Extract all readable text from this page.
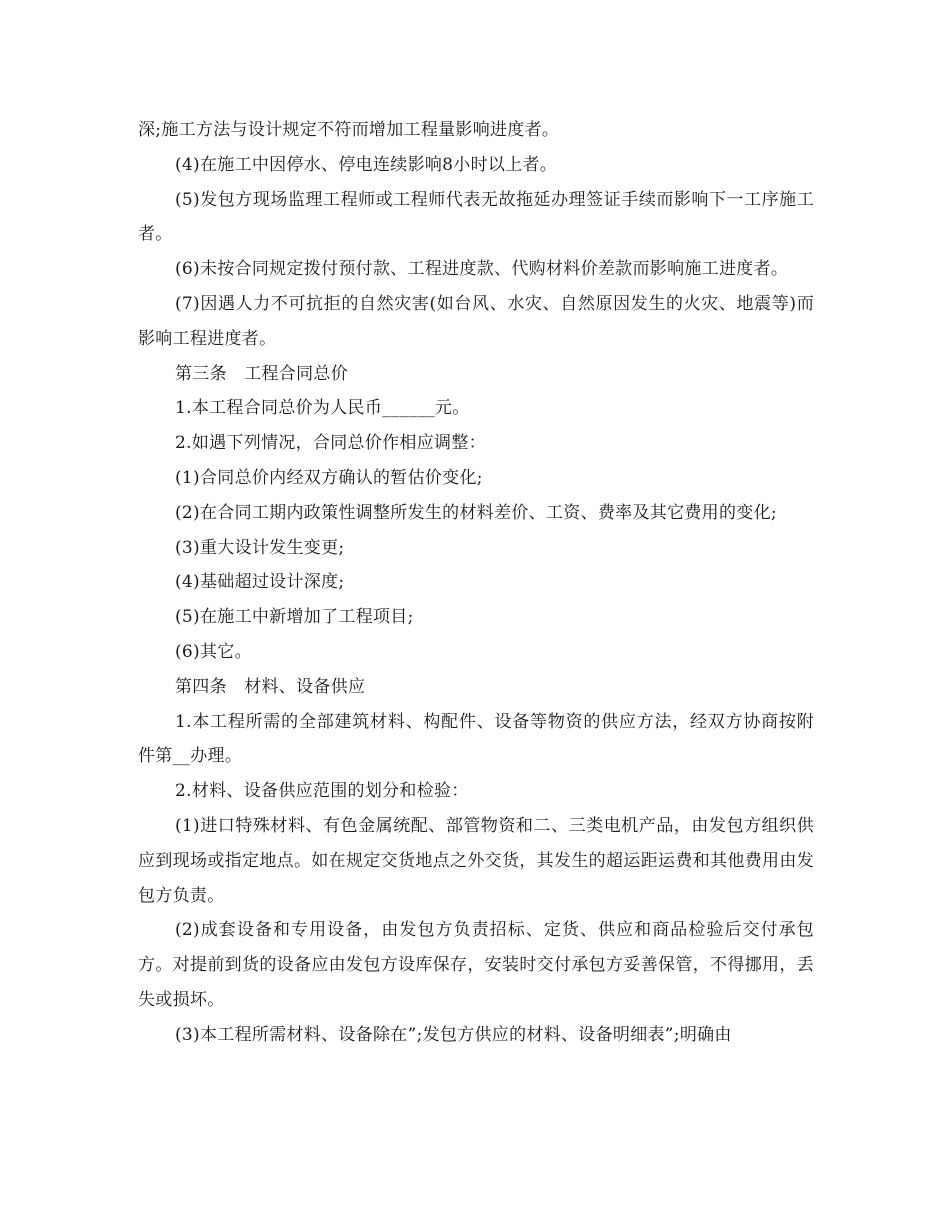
深;施工方法与设计规定不符而增加工程量影响进度者。

(4)在施工中因停水、停电连续影响8小时以上者。

(5)发包方现场监理工程师或工程师代表无故拖延办理签证手续而影响下一工序施工者。

(6)未按合同规定拨付预付款、工程进度款、代购材料价差款而影响施工进度者。

(7)因遇人力不可抗拒的自然灾害(如台风、水灾、自然原因发生的火灾、地震等)而影响工程进度者。

第三条　工程合同总价

1.本工程合同总价为人民币______元。

2.如遇下列情况，合同总价作相应调整：

(1)合同总价内经双方确认的暂估价变化;

(2)在合同工期内政策性调整所发生的材料差价、工资、费率及其它费用的变化;

(3)重大设计发生变更;

(4)基础超过设计深度;

(5)在施工中新增加了工程项目;

(6)其它。

第四条　材料、设备供应

1.本工程所需的全部建筑材料、构配件、设备等物资的供应方法，经双方协商按附件第__办理。

2.材料、设备供应范围的划分和检验：

(1)进口特殊材料、有色金属统配、部管物资和二、三类电机产品，由发包方组织供应到现场或指定地点。如在规定交货地点之外交货，其发生的超运距运费和其他费用由发包方负责。

(2)成套设备和专用设备，由发包方负责招标、定货、供应和商品检验后交付承包方。对提前到货的设备应由发包方设库保存，安装时交付承包方妥善保管，不得挪用，丢失或损坏。

(3)本工程所需材料、设备除在”;发包方供应的材料、设备明细表”;明确由
